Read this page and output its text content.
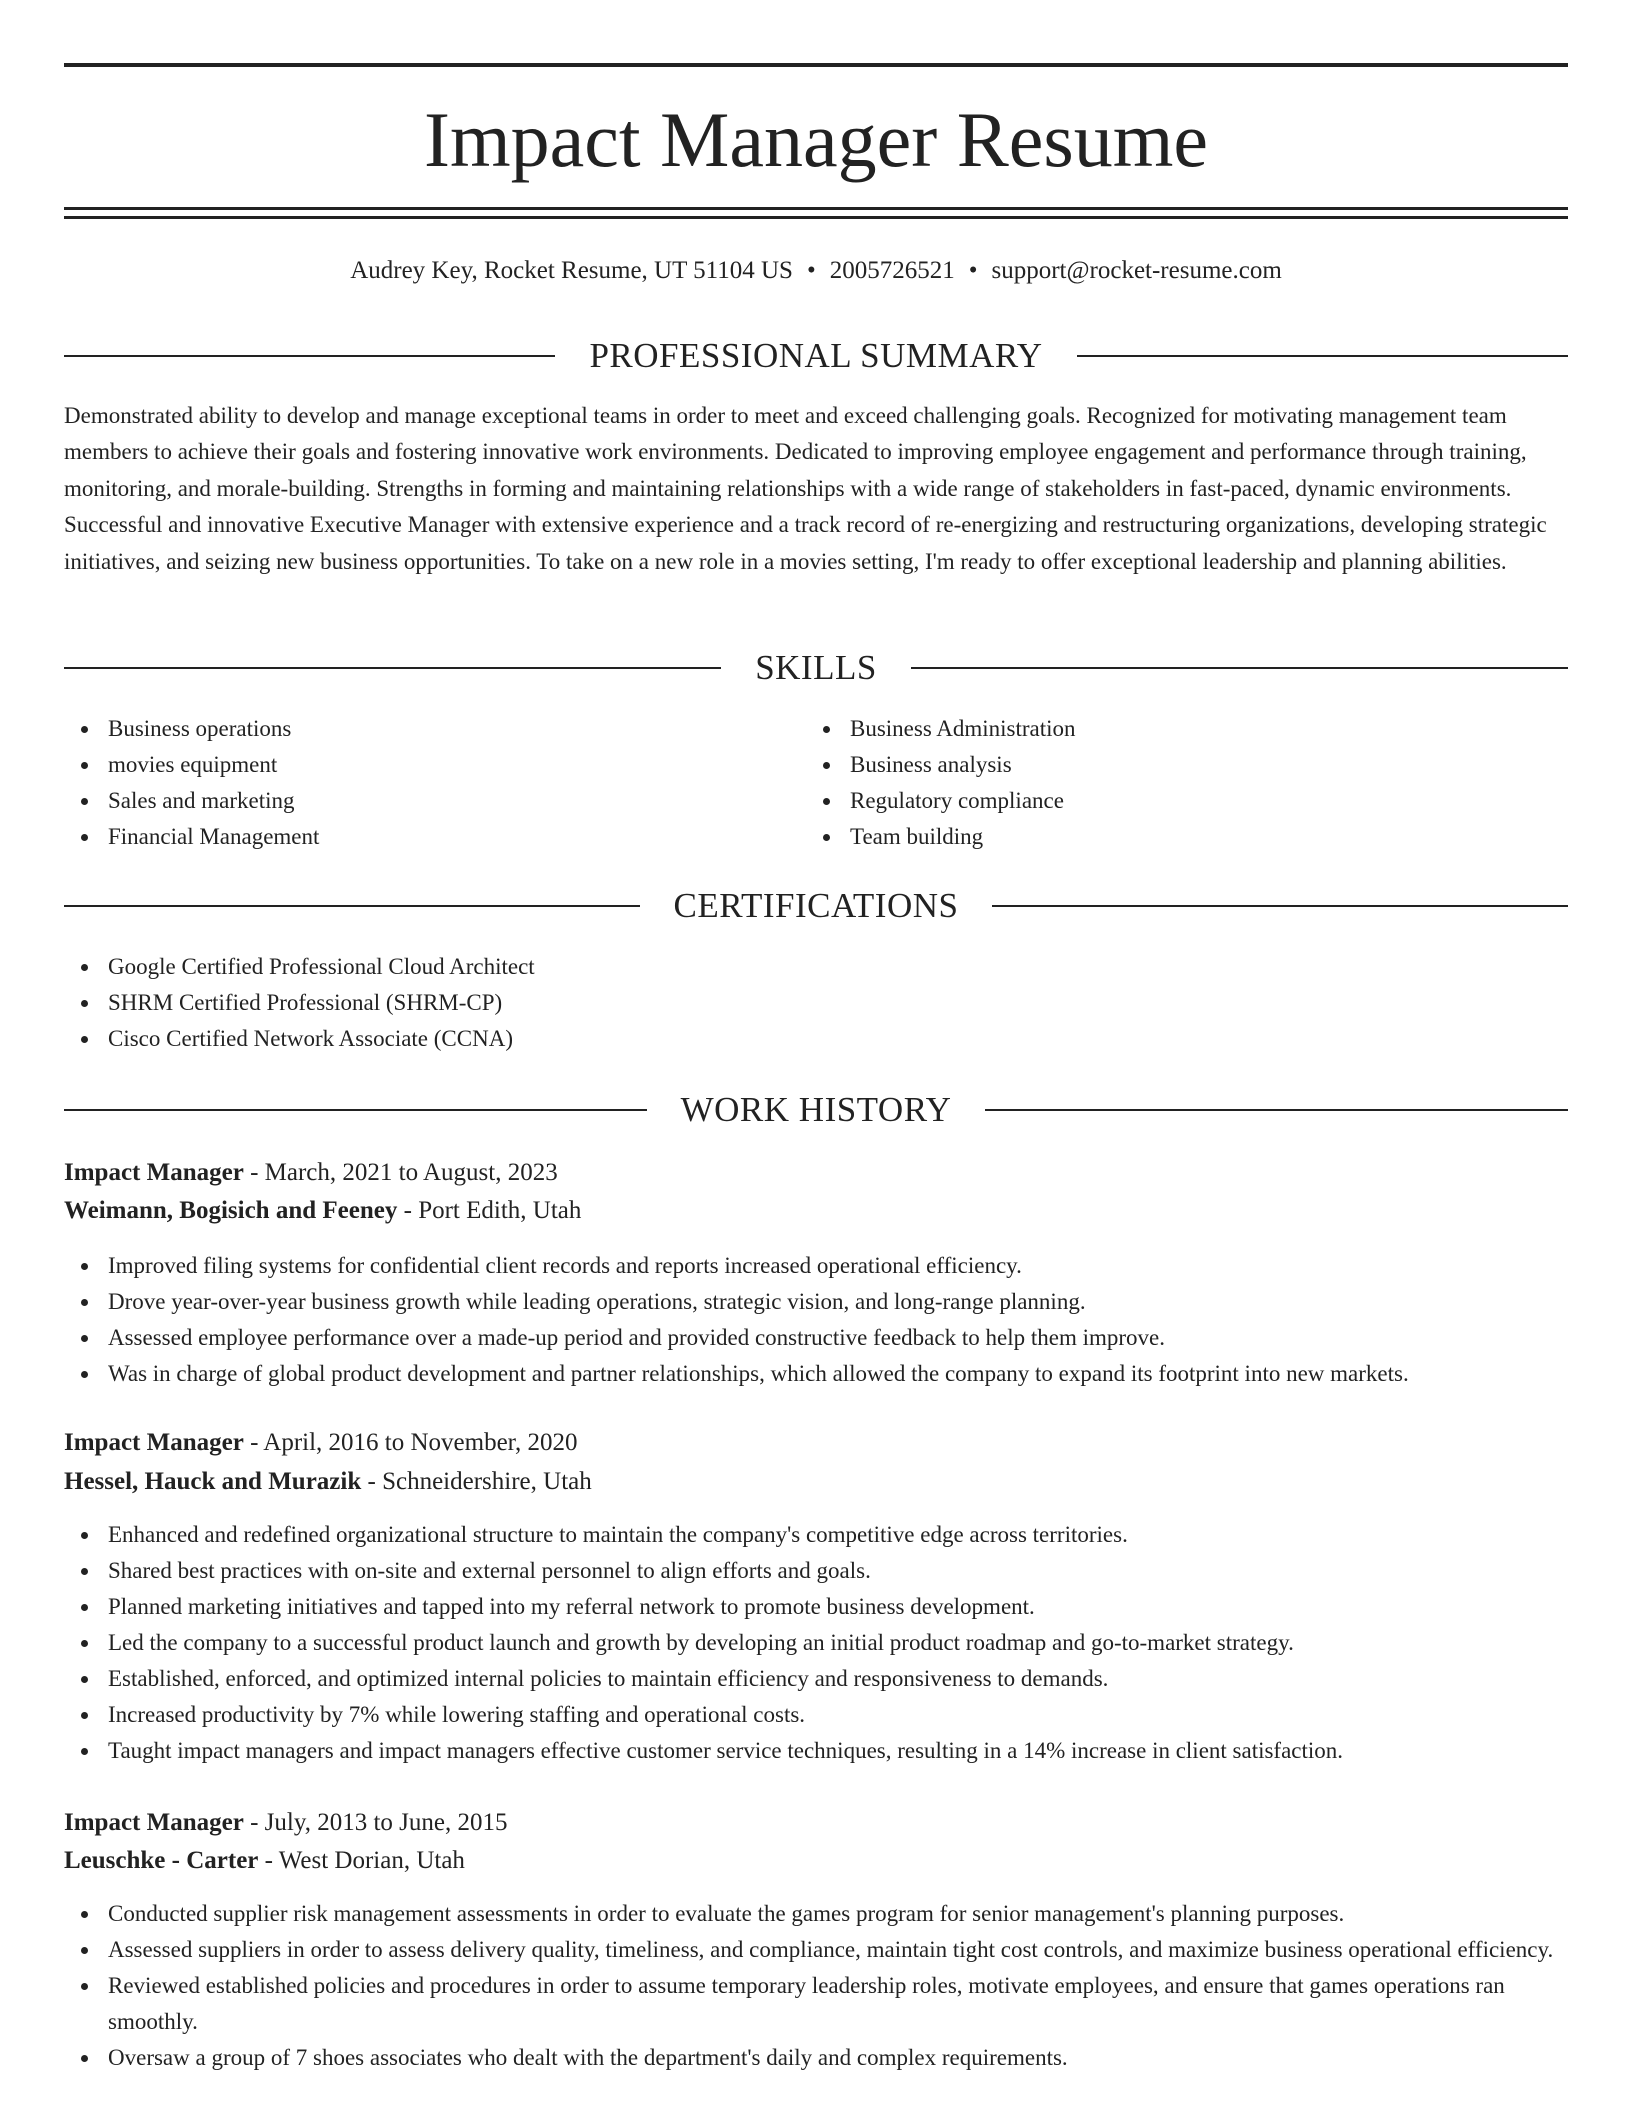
Impact Manager Resume
Audrey Key, Rocket Resume, UT 51104 US • 2005726521 • support@rocket-resume.com
PROFESSIONAL SUMMARY

Demonstrated ability to develop and manage exceptional teams in order to meet and exceed challenging goals. Recognized for motivating management team members to achieve their goals and fostering innovative work environments. Dedicated to improving employee engagement and performance through training, monitoring, and morale-building. Strengths in forming and maintaining relationships with a wide range of stakeholders in fast-paced, dynamic environments. Successful and innovative Executive Manager with extensive experience and a track record of re-energizing and restructuring organizations, developing strategic initiatives, and seizing new business opportunities. To take on a new role in a movies setting, I'm ready to offer exceptional leadership and planning abilities.

SKILLS
Business operations
movies equipment
Sales and marketing
Financial Management
Business Administration
Business analysis
Regulatory compliance
Team building
CERTIFICATIONS
Google Certified Professional Cloud Architect
SHRM Certified Professional (SHRM-CP)
Cisco Certified Network Associate (CCNA)
WORK HISTORY
Impact Manager - March, 2021 to August, 2023
Weimann, Bogisich and Feeney - Port Edith, Utah
Improved filing systems for confidential client records and reports increased operational efficiency.
Drove year-over-year business growth while leading operations, strategic vision, and long-range planning.
Assessed employee performance over a made-up period and provided constructive feedback to help them improve.
Was in charge of global product development and partner relationships, which allowed the company to expand its footprint into new markets.
Impact Manager - April, 2016 to November, 2020
Hessel, Hauck and Murazik - Schneidershire, Utah
Enhanced and redefined organizational structure to maintain the company's competitive edge across territories.
Shared best practices with on-site and external personnel to align efforts and goals.
Planned marketing initiatives and tapped into my referral network to promote business development.
Led the company to a successful product launch and growth by developing an initial product roadmap and go-to-market strategy.
Established, enforced, and optimized internal policies to maintain efficiency and responsiveness to demands.
Increased productivity by 7% while lowering staffing and operational costs.
Taught impact managers and impact managers effective customer service techniques, resulting in a 14% increase in client satisfaction.
Impact Manager - July, 2013 to June, 2015
Leuschke - Carter - West Dorian, Utah
Conducted supplier risk management assessments in order to evaluate the games program for senior management's planning purposes.
Assessed suppliers in order to assess delivery quality, timeliness, and compliance, maintain tight cost controls, and maximize business operational efficiency.
Reviewed established policies and procedures in order to assume temporary leadership roles, motivate employees, and ensure that games operations ran smoothly.
Oversaw a group of 7 shoes associates who dealt with the department's daily and complex requirements.
